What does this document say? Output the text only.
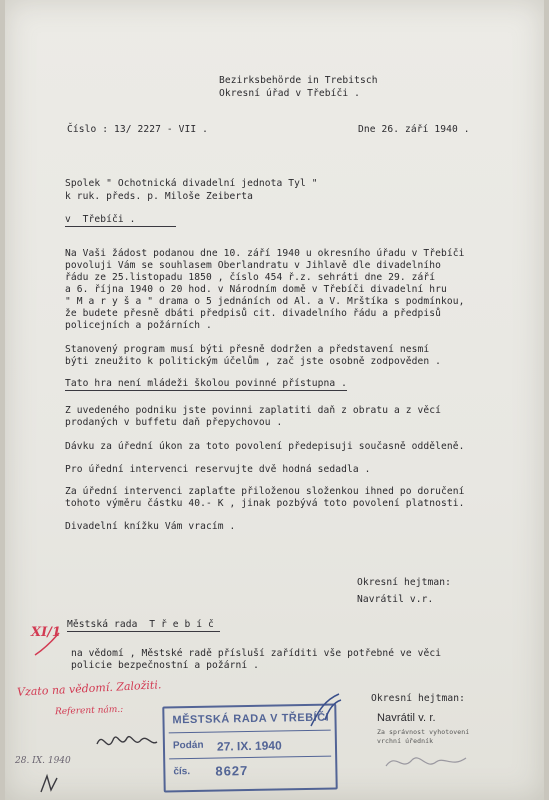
Bezirksbehörde in Trebitsch
Okresní úřad v Třebíči .
Číslo : 13/ 2227 - VII .	Dne 26. září 1940 .
Spolek " Ochotnická divadelní jednota Tyl "
k ruk. předs. p. Miloše Zeiberta
v  Třebíči .
Na Vaši žádost podanou dne 10. září 1940 u okresního úřadu v Třebíči
povoluji Vám se souhlasem Oberlandratu v Jihlavě dle divadelního
řádu ze 25.listopadu 1850 , číslo 454 ř.z. sehráti dne 29. září
a 6. října 1940 o 20 hod. v Národním domě v Třebíči divadelní hru
" M a r y š a " drama o 5 jednáních od Al. a V. Mrštíka s podmínkou,
že budete přesně dbáti předpisů cit. divadelního řádu a předpisů
policejních a požárních .
Stanovený program musí býti přesně dodržen a představení nesmí
býti zneužito k politickým účelům , zač jste osobně zodpověden .
Tato hra není mládeži školou povinné přístupna .
Z uvedeného podniku jste povinni zaplatiti daň z obratu a z věcí
prodaných v buffetu daň přepychovou .
Dávku za úřední úkon za toto povolení předepisuji současně odděleně.
Pro úřední intervenci reservujte dvě hodná sedadla .
Za úřední intervenci zaplaťte přiloženou složenkou ihned po doručení
tohoto výměru částku 40.- K , jinak pozbývá toto povolení platnosti.
Divadelní knížku Vám vracím .
Okresní hejtman:
Navrátil v.r.
Městská rada  T ř e b í č
na vědomí , Městské radě přísluší zaříditi vše potřebné ve věci
policie bezpečnostní a požární .
Okresní hejtman:
Navrátil v. r.
Za správnost vyhotovení
vrchní úředník
XI/1
Vzato na vědomí. Založiti.
Referent nám.:
28. IX. 1940
MĚSTSKÁ RADA V TŘEBÍČI
Podán 27. IX. 1940
čís. 8627
